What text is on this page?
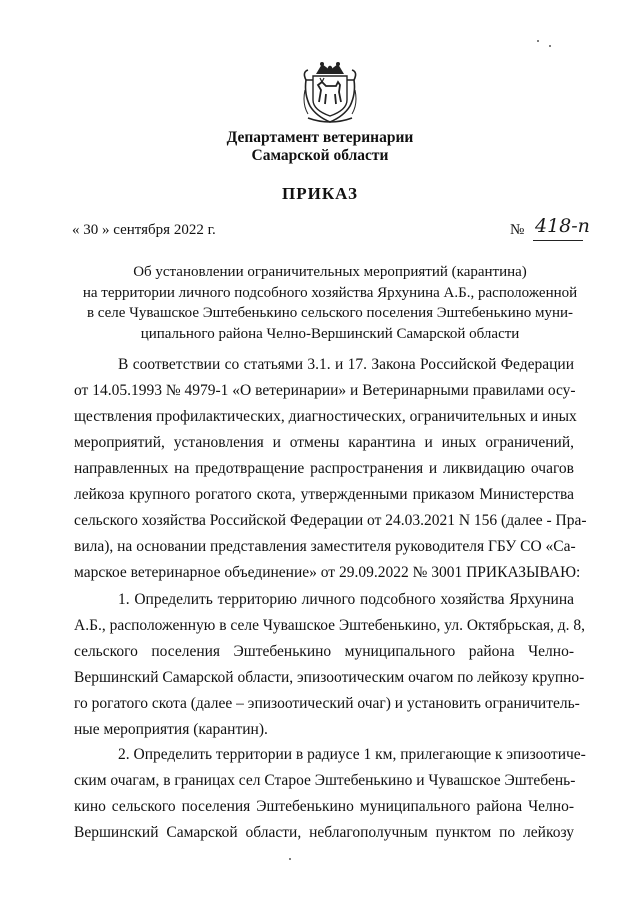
Департамент ветеринарии
Самарской области
ПРИКАЗ
« 30 » сентября 2022 г.	№ 418-п
Об установлении ограничительных мероприятий (карантина)
на территории личного подсобного хозяйства Ярхунина А.Б., расположенной
в селе Чувашское Эштебенькино сельского поселения Эштебенькино муни-
ципального района Челно-Вершинский Самарской области
В соответствии со статьями 3.1. и 17. Закона Российской Федерации
от 14.05.1993 № 4979-1 «О ветеринарии» и Ветеринарными правилами осу-
ществления профилактических, диагностических, ограничительных и иных
мероприятий, установления и отмены карантина и иных ограничений,
направленных на предотвращение распространения и ликвидацию очагов
лейкоза крупного рогатого скота, утвержденными приказом Министерства
сельского хозяйства Российской Федерации от 24.03.2021 N 156 (далее - Пра-
вила), на основании представления заместителя руководителя ГБУ СО «Са-
марское ветеринарное объединение» от 29.09.2022 № 3001 ПРИКАЗЫВАЮ:
1. Определить территорию личного подсобного хозяйства Ярхунина
А.Б., расположенную в селе Чувашское Эштебенькино, ул. Октябрьская, д. 8,
сельского поселения Эштебенькино муниципального района Челно-
Вершинский Самарской области, эпизоотическим очагом по лейкозу крупно-
го рогатого скота (далее – эпизоотический очаг) и установить ограничитель-
ные мероприятия (карантин).
2. Определить территории в радиусе 1 км, прилегающие к эпизоотиче-
ским очагам, в границах сел Старое Эштебенькино и Чувашское Эштебень-
кино сельского поселения Эштебенькино муниципального района Челно-
Вершинский Самарской области, неблагополучным пунктом по лейкозу
